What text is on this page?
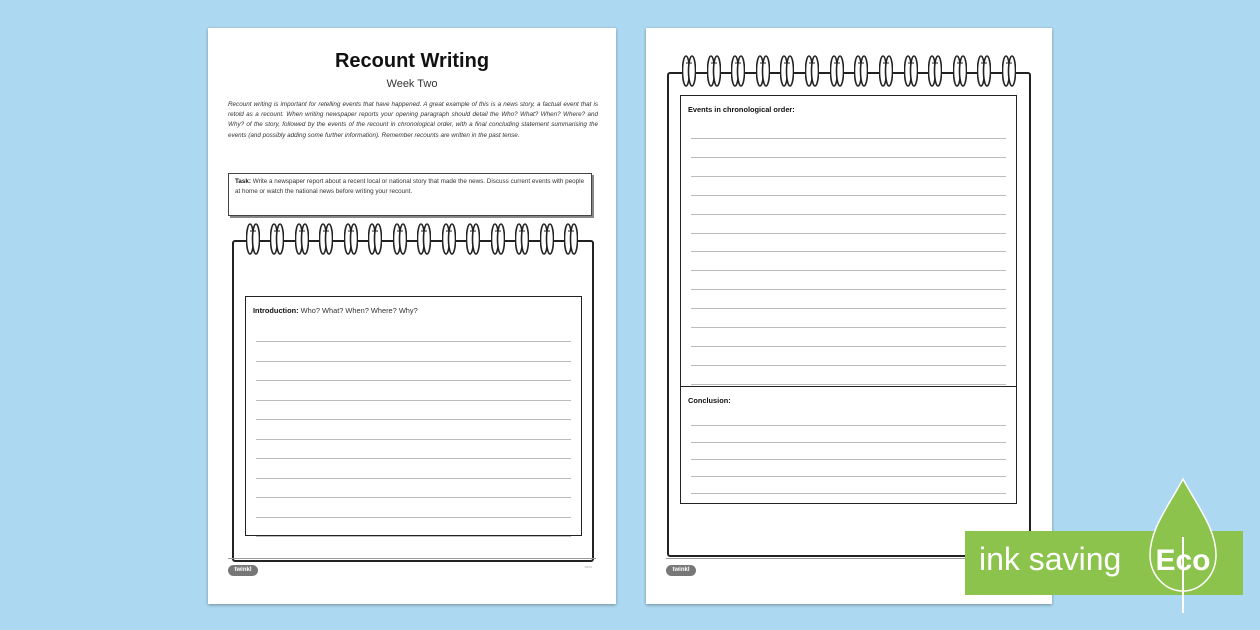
Recount Writing
Week Two
Recount writing is important for retelling events that have happened. A great example of this is a news story, a factual event that is retold as a recount. When writing newspaper reports your opening paragraph should detail the Who? What? When? Where? and Why? of the story, followed by the events of the recount in chronological order, with a final concluding statement summarising the events (and possibly adding some further information). Remember recounts are written in the past tense.
Task: Write a newspaper report about a recent local or national story that made the news. Discuss current events with people at home or watch the national news before writing your recount.
Introduction: Who? What? When? Where? Why?
twinkl
▭▭
Events in chronological order:
Conclusion:
twinkl	ink saving Eco
